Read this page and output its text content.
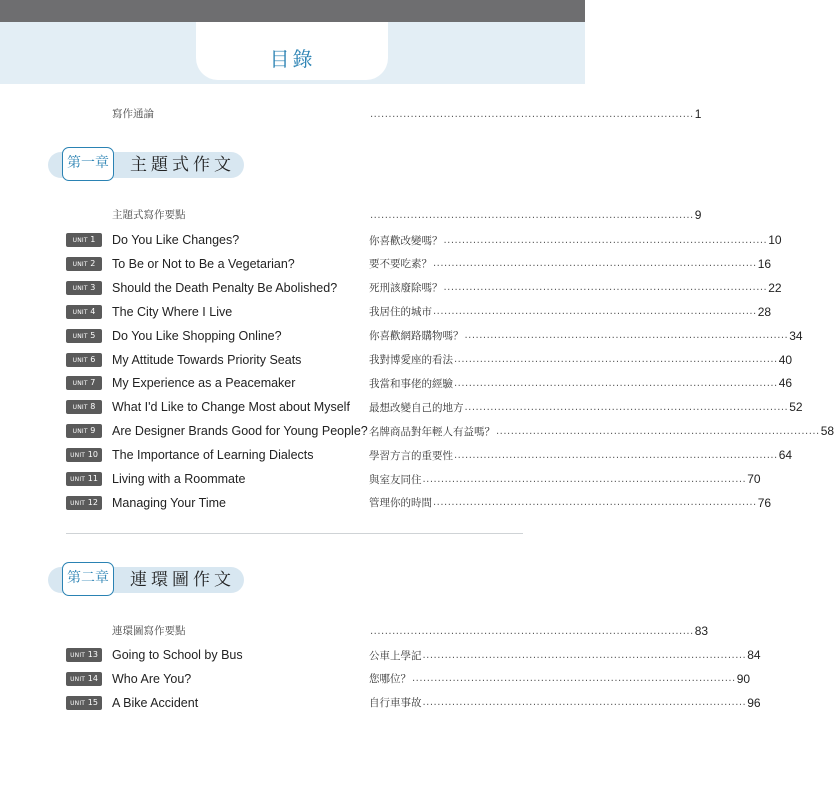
目錄
寫作通論	........................................................................................ 1
第一章 主題式作文
主題式寫作要點	........................................................................................ 9
UNIT 1	Do You Like Changes?	你喜歡改變嗎？ ........................................................................................ 10
UNIT 2	To Be or Not to Be a Vegetarian?	要不要吃素？ ........................................................................................ 16
UNIT 3	Should the Death Penalty Be Abolished?	死刑該廢除嗎？ ........................................................................................ 22
UNIT 4	The City Where I Live	我居住的城市 ........................................................................................ 28
UNIT 5	Do You Like Shopping Online?	你喜歡網路購物嗎？ ........................................................................................ 34
UNIT 6	My Attitude Towards Priority Seats	我對博愛座的看法 ........................................................................................ 40
UNIT 7	My Experience as a Peacemaker	我當和事佬的經驗 ........................................................................................ 46
UNIT 8	What I'd Like to Change Most about Myself 最想改變自己的地方 ........................................................................................ 52
UNIT 9	Are Designer Brands Good for Young People? 名牌商品對年輕人有益嗎？ ........................................................................................ 58
UNIT 10	The Importance of Learning Dialects	學習方言的重要性 ........................................................................................ 64
UNIT 11	Living with a Roommate	與室友同住 ........................................................................................ 70
UNIT 12	Managing Your Time	管理你的時間 ........................................................................................ 76
第二章 連環圖作文
連環圖寫作要點	........................................................................................ 83
UNIT 13	Going to School by Bus	公車上學記 ........................................................................................ 84
UNIT 14	Who Are You?	您哪位？ ........................................................................................ 90
UNIT 15	A Bike Accident	自行車事故 ........................................................................................ 96
